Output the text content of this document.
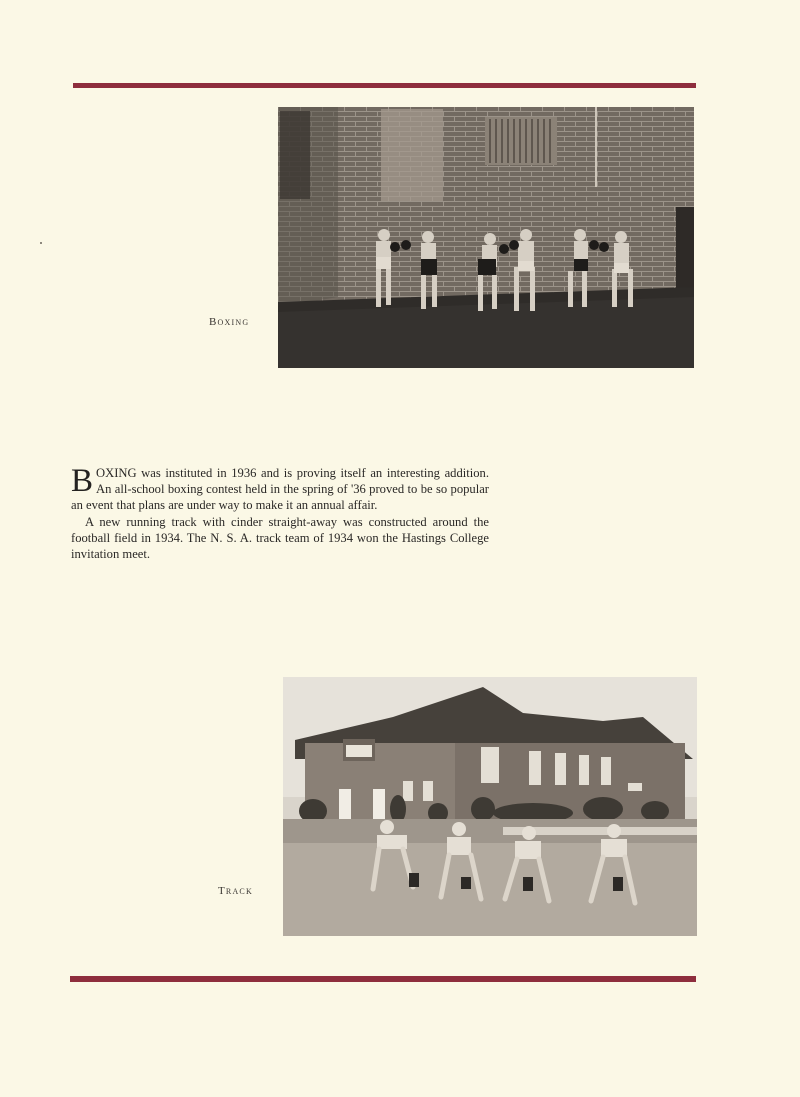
Boxing

BOXING was instituted in 1936 and is proving itself an interesting addition. An all-school boxing contest held in the spring of '36 proved to be so popular an event that plans are under way to make it an annual affair.

A new running track with cinder straight-away was constructed around the football field in 1934. The N. S. A. track team of 1934 won the Hastings College invitation meet.

Track
